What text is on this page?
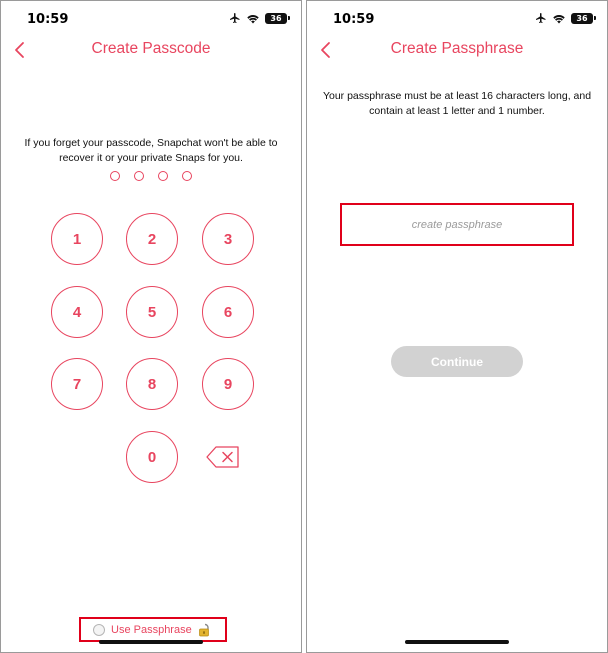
10:59	36
Create Passcode
If you forget your passcode, Snapchat won't be able to
recover it or your private Snaps for you.
1	2	3
4	5	6
7	8	9
0
Use Passphrase
10:59	36
Create Passphrase
Your passphrase must be at least 16 characters long, and
contain at least 1 letter and 1 number.
create passphrase
Continue
